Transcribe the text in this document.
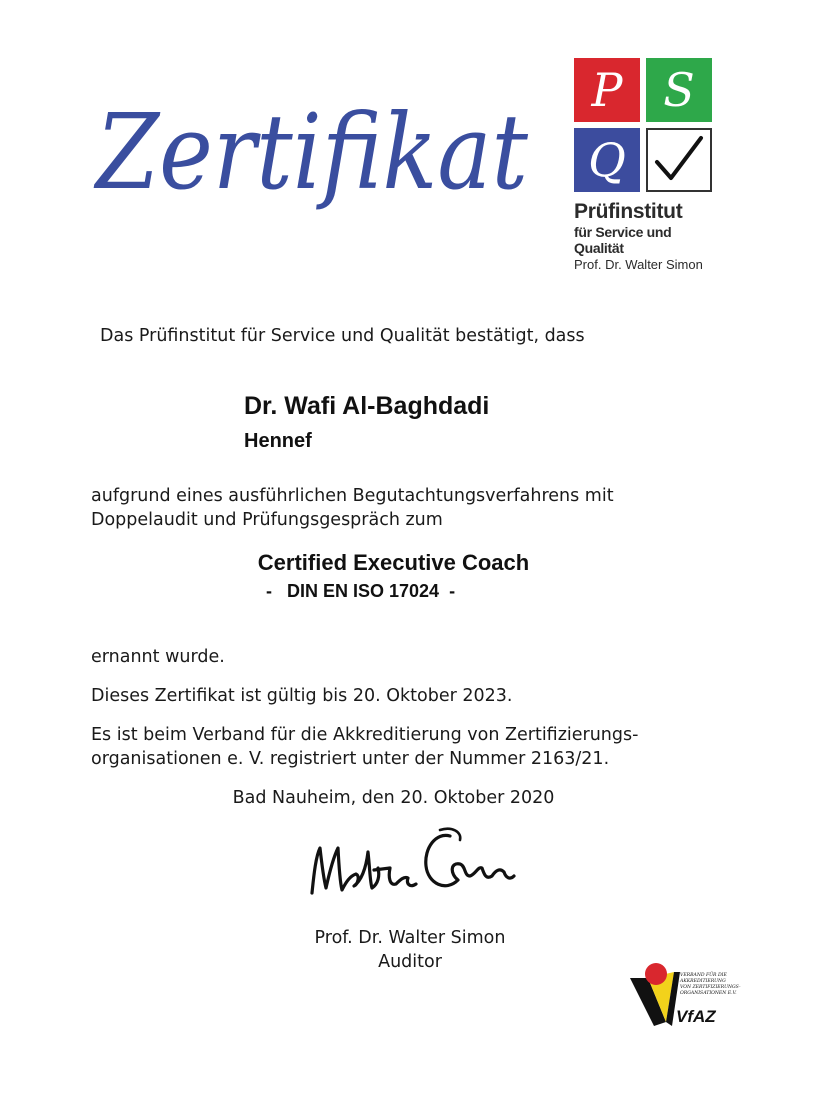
Zertifikat
P S
Q
Prüfinstitut
für Service und Qualität
Prof. Dr. Walter Simon
Das Prüfinstitut für Service und Qualität bestätigt, dass
Dr. Wafi Al-Baghdadi
Hennef
aufgrund eines ausführlichen Begutachtungsverfahrens mit Doppelaudit und Prüfungsgespräch zum
Certified Executive Coach
-   DIN EN ISO 17024  -
ernannt wurde.
Dieses Zertifikat ist gültig bis 20. Oktober 2023.
Es ist beim Verband für die Akkreditierung von Zertifizierungs-organisationen e. V. registriert unter der Nummer 2163/21.
Bad Nauheim, den 20. Oktober 2020
Prof. Dr. Walter Simon
Auditor
VERBAND FÜR DIE
AKKREDITIERUNG
VON ZERTIFIZIERUNGS-
ORGANISATIONEN E.V.
VfAZ
